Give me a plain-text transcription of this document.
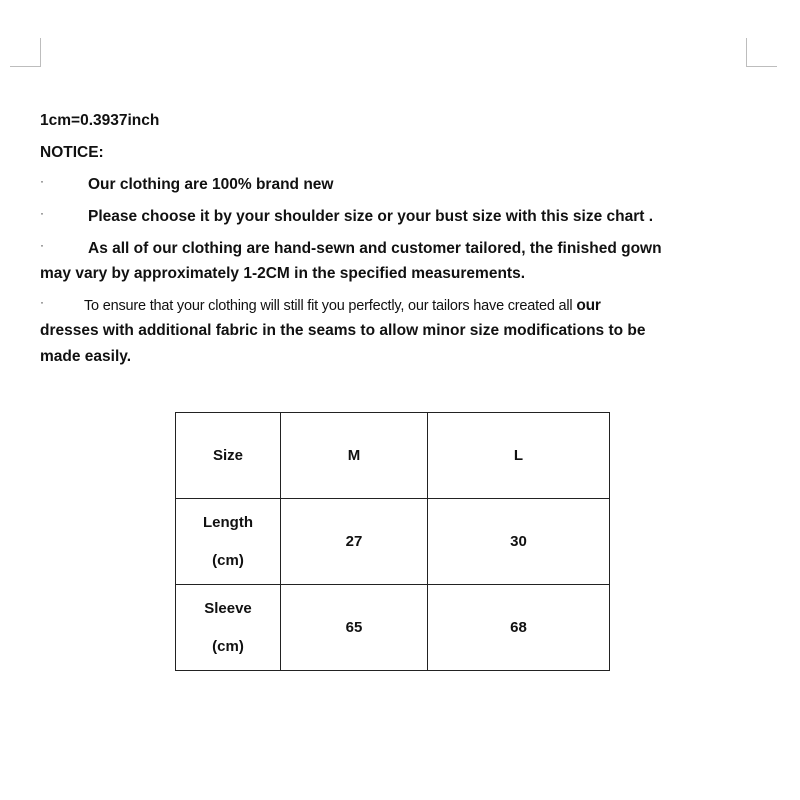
1cm=0.3937inch
NOTICE:
·	Our clothing are 100% brand new
·	Please choose it by your shoulder size or your bust size with this size chart .
·	As all of our clothing are hand-sewn and customer tailored, the finished gown
may vary by approximately 1-2CM in the specified measurements.
·	To ensure that your clothing will still fit you perfectly, our tailors have created all our
dresses with additional fabric in the seams to allow minor size modifications to be
made easily.
Size	M	L

Length
(cm)	27	30

Sleeve
(cm)	65	68
